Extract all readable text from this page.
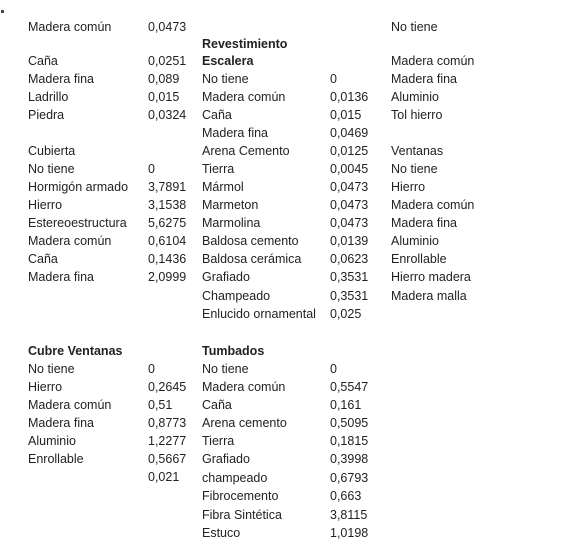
Madera común	0,0473
Caña	0,0251
Madera fina	0,089
Ladrillo	0,015
Piedra	0,0324
Cubierta
No tiene	0
Hormigón armado 3,7891
Hierro	3,1538
Estereoestructura 5,6275
Madera común	0,6104
Caña	0,1436
Madera fina	2,0999
Cubre Ventanas
No tiene	0
Hierro	0,2645
Madera común	0,51
Madera fina	0,8773
Aluminio	1,2277
Enrollable	0,5667
0,021
Revestimiento
Escalera
No tiene	0
Madera común	0,0136
Caña	0,015
Madera fina	0,0469
Arena Cemento	0,0125
Tierra	0,0045
Mármol	0,0473
Marmeton	0,0473
Marmolina	0,0473
Baldosa cemento	0,0139
Baldosa cerámica 0,0623
Grafiado	0,3531
Champeado	0,3531
Enlucido ornamental 0,025
Tumbados
No tiene	0
Madera común	0,5547
Caña	0,161
Arena cemento	0,5095
Tierra	0,1815
Grafiado	0,3998
champeado	0,6793
Fibrocemento	0,663
Fibra Sintética	3,8115
Estuco	1,0198
No tiene
Madera común
Madera fina
Aluminio
Tol hierro
Ventanas
No tiene
Hierro
Madera común
Madera fina
Aluminio
Enrollable
Hierro madera
Madera malla
